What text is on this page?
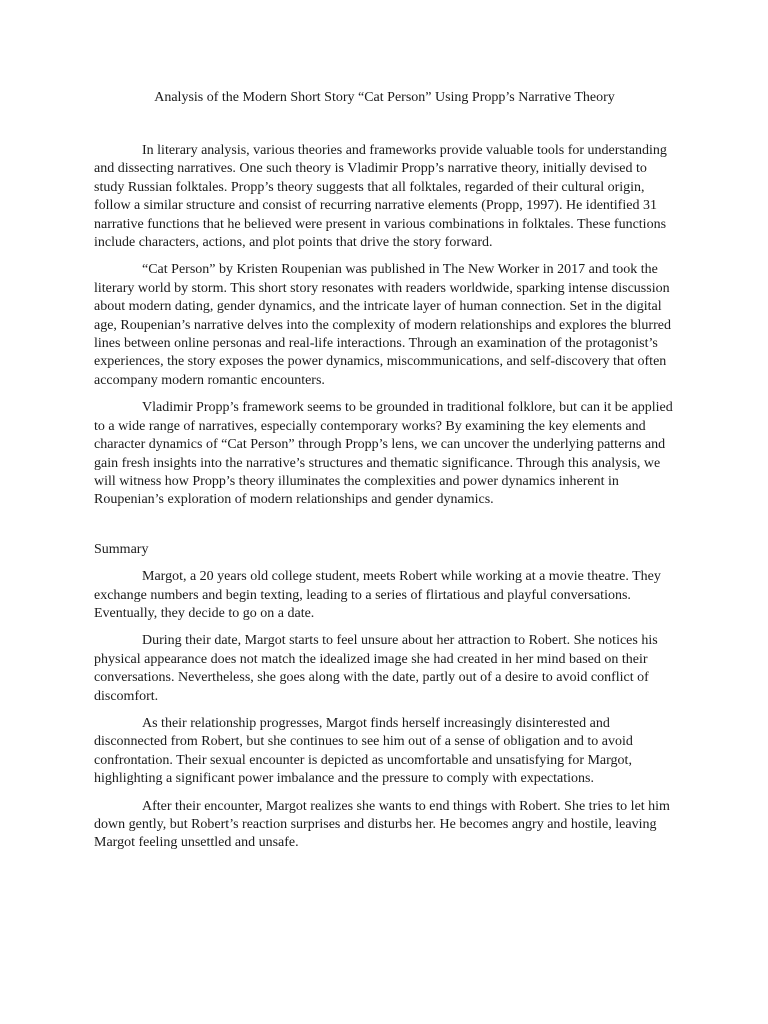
Analysis of the Modern Short Story “Cat Person” Using Propp’s Narrative Theory

In literary analysis, various theories and frameworks provide valuable tools for understanding and dissecting narratives. One such theory is Vladimir Propp’s narrative theory, initially devised to study Russian folktales. Propp’s theory suggests that all folktales, regarded of their cultural origin, follow a similar structure and consist of recurring narrative elements (Propp, 1997). He identified 31 narrative functions that he believed were present in various combinations in folktales. These functions include characters, actions, and plot points that drive the story forward.

“Cat Person” by Kristen Roupenian was published in The New Worker in 2017 and took the literary world by storm. This short story resonates with readers worldwide, sparking intense discussion about modern dating, gender dynamics, and the intricate layer of human connection. Set in the digital age, Roupenian’s narrative delves into the complexity of modern relationships and explores the blurred lines between online personas and real-life interactions. Through an examination of the protagonist’s experiences, the story exposes the power dynamics, miscommunications, and self-discovery that often accompany modern romantic encounters.

Vladimir Propp’s framework seems to be grounded in traditional folklore, but can it be applied to a wide range of narratives, especially contemporary works? By examining the key elements and character dynamics of “Cat Person” through Propp’s lens, we can uncover the underlying patterns and gain fresh insights into the narrative’s structures and thematic significance. Through this analysis, we will witness how Propp’s theory illuminates the complexities and power dynamics inherent in Roupenian’s exploration of modern relationships and gender dynamics.

Summary

Margot, a 20 years old college student, meets Robert while working at a movie theatre. They exchange numbers and begin texting, leading to a series of flirtatious and playful conversations. Eventually, they decide to go on a date.

During their date, Margot starts to feel unsure about her attraction to Robert. She notices his physical appearance does not match the idealized image she had created in her mind based on their conversations. Nevertheless, she goes along with the date, partly out of a desire to avoid conflict of discomfort.

As their relationship progresses, Margot finds herself increasingly disinterested and disconnected from Robert, but she continues to see him out of a sense of obligation and to avoid confrontation. Their sexual encounter is depicted as uncomfortable and unsatisfying for Margot, highlighting a significant power imbalance and the pressure to comply with expectations.

After their encounter, Margot realizes she wants to end things with Robert. She tries to let him down gently, but Robert’s reaction surprises and disturbs her. He becomes angry and hostile, leaving Margot feeling unsettled and unsafe.
